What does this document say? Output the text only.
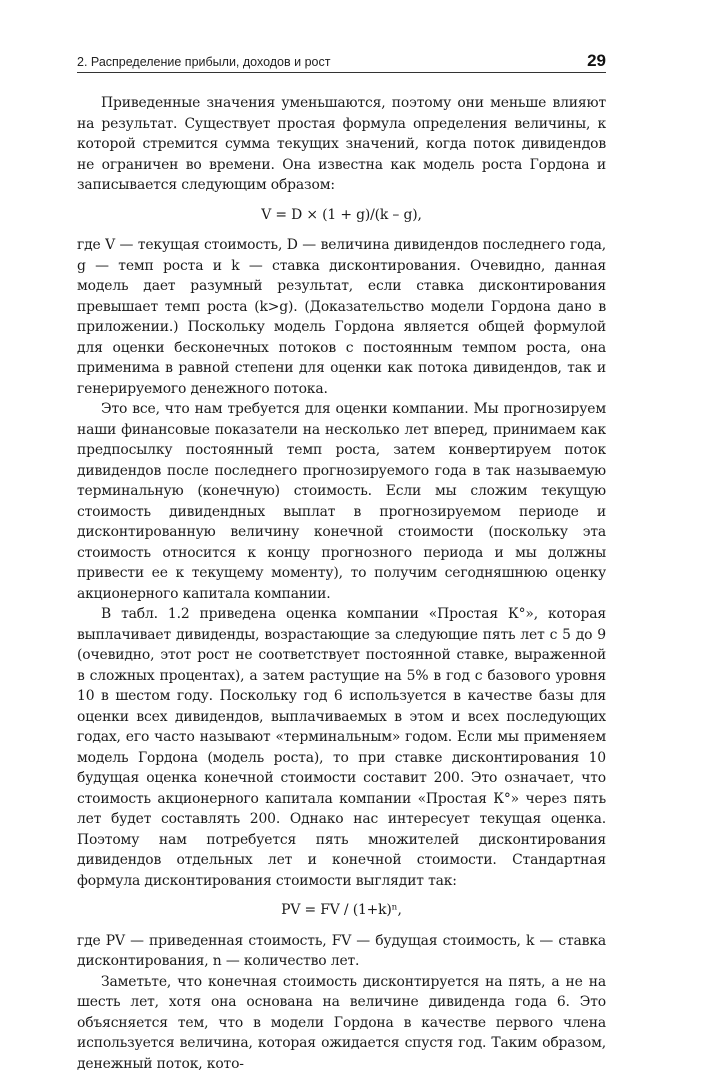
2. Распределение прибыли, доходов и рост	29

Приведенные значения уменьшаются, поэтому они меньше влияют на результат. Существует простая формула определения величины, к которой стремится сумма текущих значений, когда поток дивидендов не ограничен во времени. Она известна как модель роста Гордона и записывается следующим образом:

V = D × (1 + g)/(k – g),

где V — текущая стоимость, D — величина дивидендов последнего года, g — темп роста и k — ставка дисконтирования. Очевидно, данная модель дает разумный результат, если ставка дисконтирования превышает темп роста (k>g). (Доказательство модели Гордона дано в приложении.) Поскольку модель Гордона является общей формулой для оценки бесконечных потоков с постоянным темпом роста, она применима в равной степени для оценки как потока дивидендов, так и генерируемого денежного потока.

Это все, что нам требуется для оценки компании. Мы прогнозируем наши финансовые показатели на несколько лет вперед, принимаем как предпосылку постоянный темп роста, затем конвертируем поток дивидендов после последнего прогнозируемого года в так называемую терминальную (конечную) стоимость. Если мы сложим текущую стоимость дивидендных выплат в прогнозируемом периоде и дисконтированную величину конечной стоимости (поскольку эта стоимость относится к концу прогнозного периода и мы должны привести ее к текущему моменту), то получим сегодняшнюю оценку акционерного капитала компании.

В табл. 1.2 приведена оценка компании «Простая К°», которая выплачивает дивиденды, возрастающие за следующие пять лет с 5 до 9 (очевидно, этот рост не соответствует постоянной ставке, выраженной в сложных процентах), а затем растущие на 5% в год с базового уровня 10 в шестом году. Поскольку год 6 используется в качестве базы для оценки всех дивидендов, выплачиваемых в этом и всех последующих годах, его часто называют «терминальным» годом. Если мы применяем модель Гордона (модель роста), то при ставке дисконтирования 10 будущая оценка конечной стоимости составит 200. Это означает, что стоимость акционерного капитала компании «Простая К°» через пять лет будет составлять 200. Однако нас интересует текущая оценка. Поэтому нам потребуется пять множителей дисконтирования дивидендов отдельных лет и конечной стоимости. Стандартная формула дисконтирования стоимости выглядит так:

PV = FV / (1+k)ⁿ,

где PV — приведенная стоимость, FV — будущая стоимость, k — ставка дисконтирования, n — количество лет.

Заметьте, что конечная стоимость дисконтируется на пять, а не на шесть лет, хотя она основана на величине дивиденда года 6. Это объясняется тем, что в модели Гордона в качестве первого члена используется величина, которая ожидается спустя год. Таким образом, денежный поток, кото-
